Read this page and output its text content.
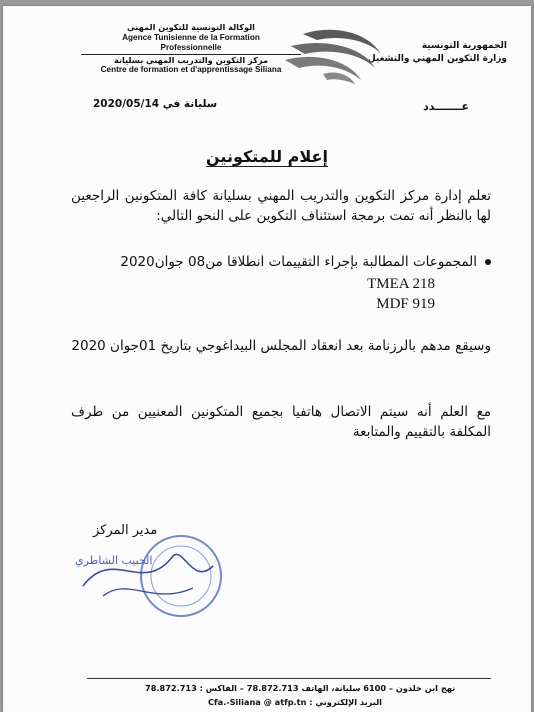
الجمهورية التونسية
وزارة التكوين المهني والتشغيل
الوكالة التونسية للتكوين المهني
Agence Tunisienne de la Formation
Professionnelle
مركز التكوين والتدريب المهني بسليانة
Centre de formation et d'apprentissage Siliana
عـــــــدد
سليانة في 2020/05/14
إعلام للمتكونين
تعلم إدارة مركز التكوين والتدريب المهني بسليانة كافة المتكونين الراجعين لها بالنظر أنه تمت برمجة استئناف التكوين على النحو التالي:
المجموعات المطالبة بإجراء التقييمات انطلاقا من08 جوان2020
TMEA 218
MDF 919
وسيقع مدهم بالرزنامة بعد انعقاد المجلس البيداغوجي بتاريخ 01جوان 2020
مع العلم أنه سيتم الاتصال هاتفيا بجميع المتكونين المعنيين من طرف المكلفة بالتقييم والمتابعة
مدير المركز
الحبيب الشاطري
نهج ابن خلدون – 6100 سليانة، الهاتف 78.872.713 – الفاكس : 78.872.713
البريد الإلكتروني : Cfa.-Siliana @ atfp.tn
